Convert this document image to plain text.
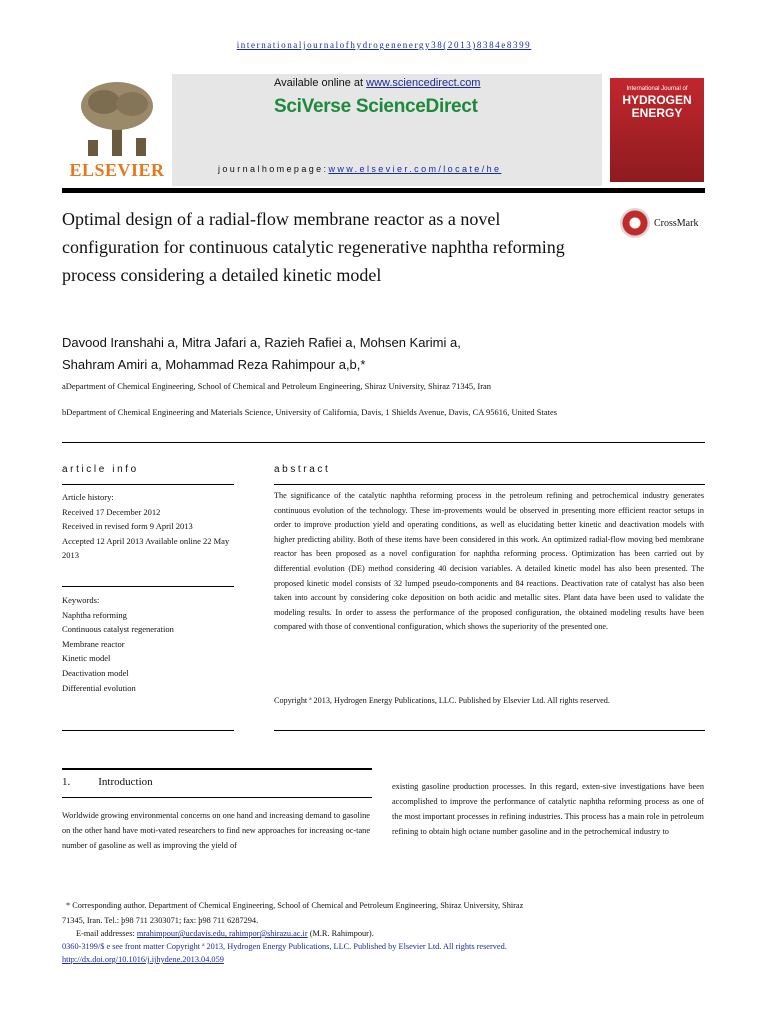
internationaljournalofhydrogenenergy38(2013)8384e8399
ELSEVIER
Available online at www.sciencedirect.com
SciVerse ScienceDirect
journalhomepage:www.elsevier.com/locate/he
International Journal of
HYDROGEN ENERGY
Optimal design of a radial-flow membrane reactor as a novel configuration for continuous catalytic regenerative naphtha reforming process considering a detailed kinetic model
CrossMark
Davood Iranshahi a, Mitra Jafari a, Razieh Rafiei a, Mohsen Karimi a,
Shahram Amiri a, Mohammad Reza Rahimpour a,b,*
aDepartment of Chemical Engineering, School of Chemical and Petroleum Engineering, Shiraz University, Shiraz 71345, Iran
bDepartment of Chemical Engineering and Materials Science, University of California, Davis, 1 Shields Avenue, Davis, CA 95616, United States
article info	abstract
Article history:
Received 17 December 2012
Received in revised form 9 April 2013
Accepted 12 April 2013 Available online 22 May 2013
Keywords:
Naphtha reforming
Continuous catalyst regeneration
Membrane reactor
Kinetic model
Deactivation model
Differential evolution
The significance of the catalytic naphtha reforming process in the petroleum refining and petrochemical industry generates continuous evolution of the technology. These im-provements would be observed in presenting more efficient reactor setups in order to improve production yield and operating conditions, as well as elucidating better kinetic and deactivation models with higher predicting ability. Both of these items have been considered in this work. An optimized radial-flow moving bed membrane reactor has been proposed as a novel configuration for naphtha reforming process. Optimization has been carried out by differential evolution (DE) method considering 40 decision variables. A detailed kinetic model has also been presented. The proposed kinetic model consists of 32 lumped pseudo-components and 84 reactions. Deactivation rate of catalyst has also been taken into account by considering coke deposition on both acidic and metallic sites. Plant data have been used to validate the modeling results. In order to assess the performance of the proposed configuration, the obtained modeling results have been compared with those of conventional configuration, which shows the superiority of the presented one.
Copyright ª 2013, Hydrogen Energy Publications, LLC. Published by Elsevier Ltd. All rights reserved.
1.	Introduction
Worldwide growing environmental concerns on one hand and increasing demand to gasoline on the other hand have moti-vated researchers to find new approaches for increasing oc-tane number of gasoline as well as improving the yield of
existing gasoline production processes. In this regard, exten-sive investigations have been accomplished to improve the performance of catalytic naphtha reforming process as one of the most important processes in refining industries. This process has a main role in petroleum refining to obtain high octane number gasoline and in the petrochemical industry to
* Corresponding author. Department of Chemical Engineering, School of Chemical and Petroleum Engineering, Shiraz University, Shiraz
71345, Iran. Tel.: þ98 711 2303071; fax: þ98 711 6287294.
E-mail addresses: mrahimpour@ucdavis.edu, rahimpor@shirazu.ac.ir (M.R. Rahimpour).
0360-3199/$ e see front matter Copyright ª 2013, Hydrogen Energy Publications, LLC. Published by Elsevier Ltd. All rights reserved.
http://dx.doi.org/10.1016/j.ijhydene.2013.04.059
